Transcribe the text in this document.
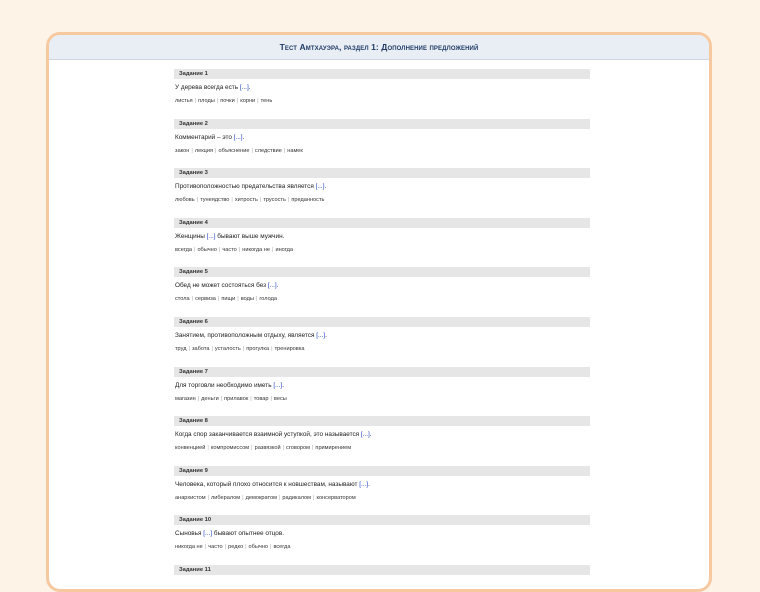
Тест Амтхауэра, раздел 1: Дополнение предложений
Задание 1
У дерева всегда есть [...].
листья | плоды | почки | корни | тень
Задание 2
Комментарий – это [...].
закон | лекция | объяснение | следствие | намек
Задание 3
Противоположностью предательства является [...].
любовь | тунеядство | хитрость | трусость | преданность
Задание 4
Женщины [...] бывают выше мужчин.
всегда | обычно | часто | никогда не | иногда
Задание 5
Обед не может состояться без [...].
стола | сервиза | пищи | воды | голода
Задание 6
Занятием, противоположным отдыху, является [...].
труд | забота | усталость | прогулка | тренировка
Задание 7
Для торговли необходимо иметь [...].
магазин | деньги | прилавок | товар | весы
Задание 8
Когда спор заканчивается взаимной уступкой, это называется [...].
конвенцией | компромиссом | развязкой | сговором | примирением
Задание 9
Человека, который плохо относится к новшествам, называют [...].
анархистом | либералом | демократом | радикалом | консерватором
Задание 10
Сыновья [...] бывают опытнее отцов.
никогда не | часто | редко | обычно | всегда
Задание 11
